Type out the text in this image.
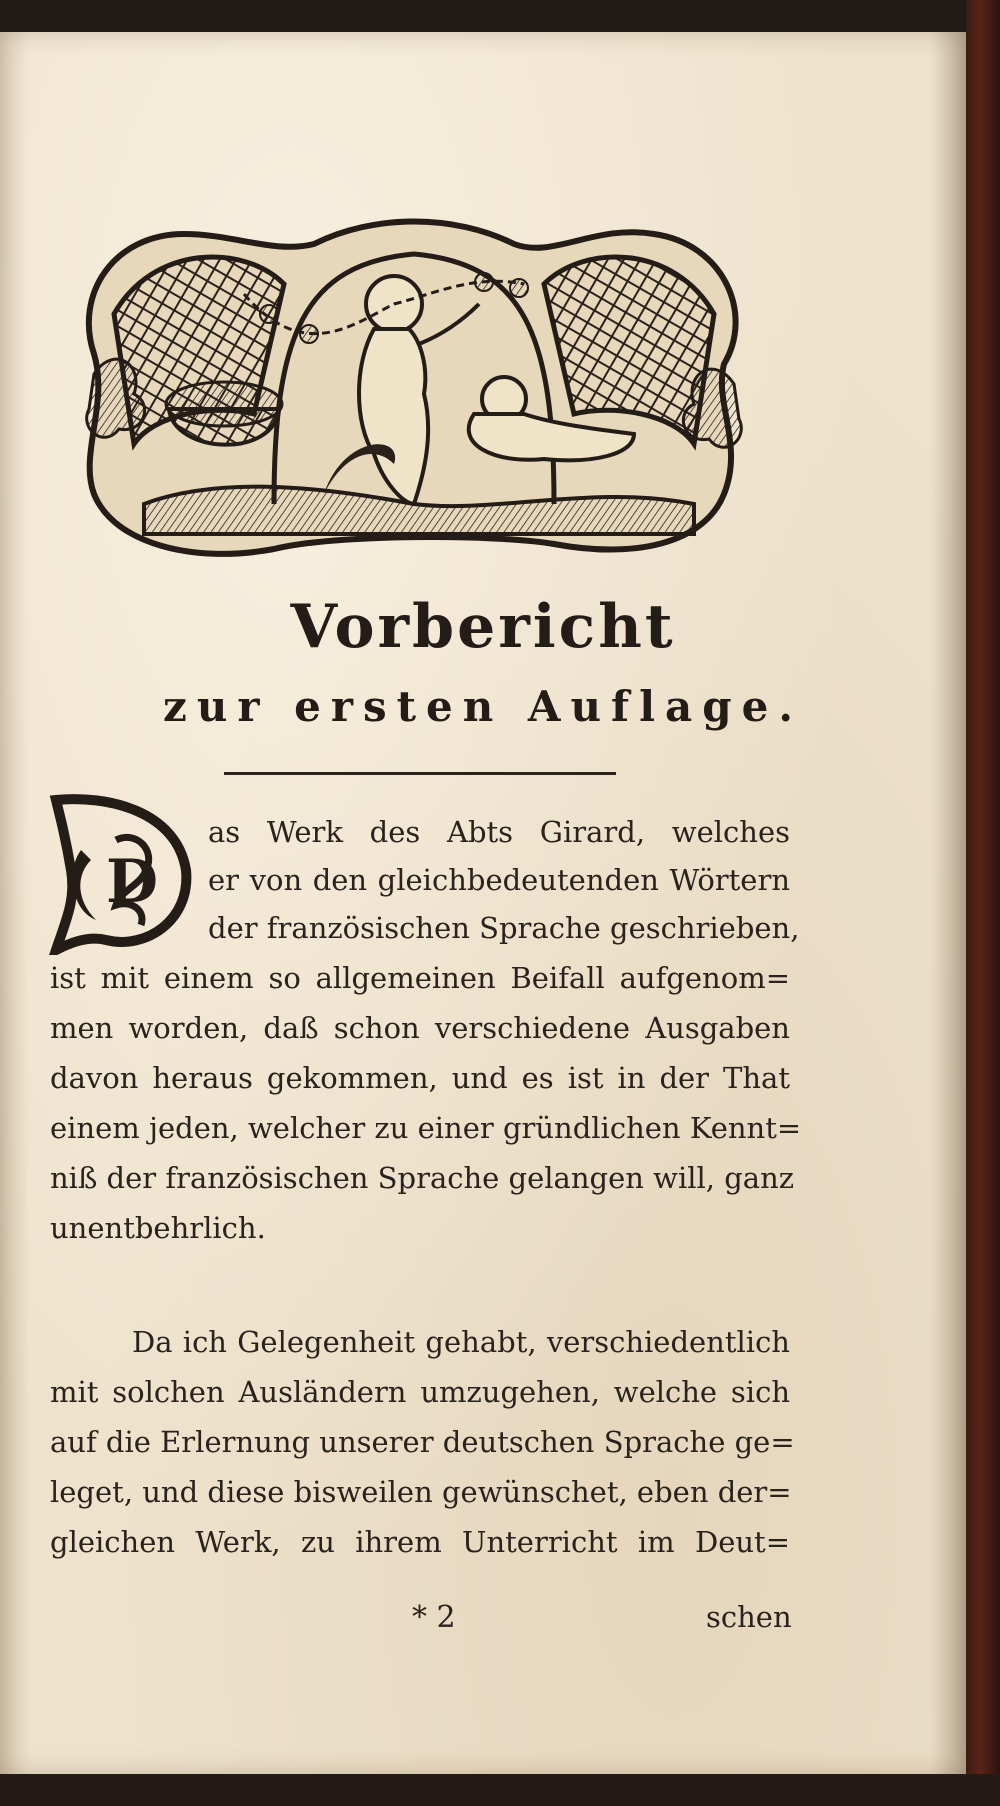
Vorbericht
zur ersten Auflage.
D
as Werk des Abts Girard, welches
er von den gleichbedeutenden Wörtern
der französischen Sprache geschrieben,
ist mit einem so allgemeinen Beifall aufgenom=
men worden, daß schon verschiedene Ausgaben
davon heraus gekommen, und es ist in der That
einem jeden, welcher zu einer gründlichen Kennt=
niß der französischen Sprache gelangen will, ganz
unentbehrlich.
Da ich Gelegenheit gehabt, verschiedentlich
mit solchen Ausländern umzugehen, welche sich
auf die Erlernung unserer deutschen Sprache ge=
leget, und diese bisweilen gewünschet, eben der=
gleichen Werk, zu ihrem Unterricht im Deut=
* 2	schen
